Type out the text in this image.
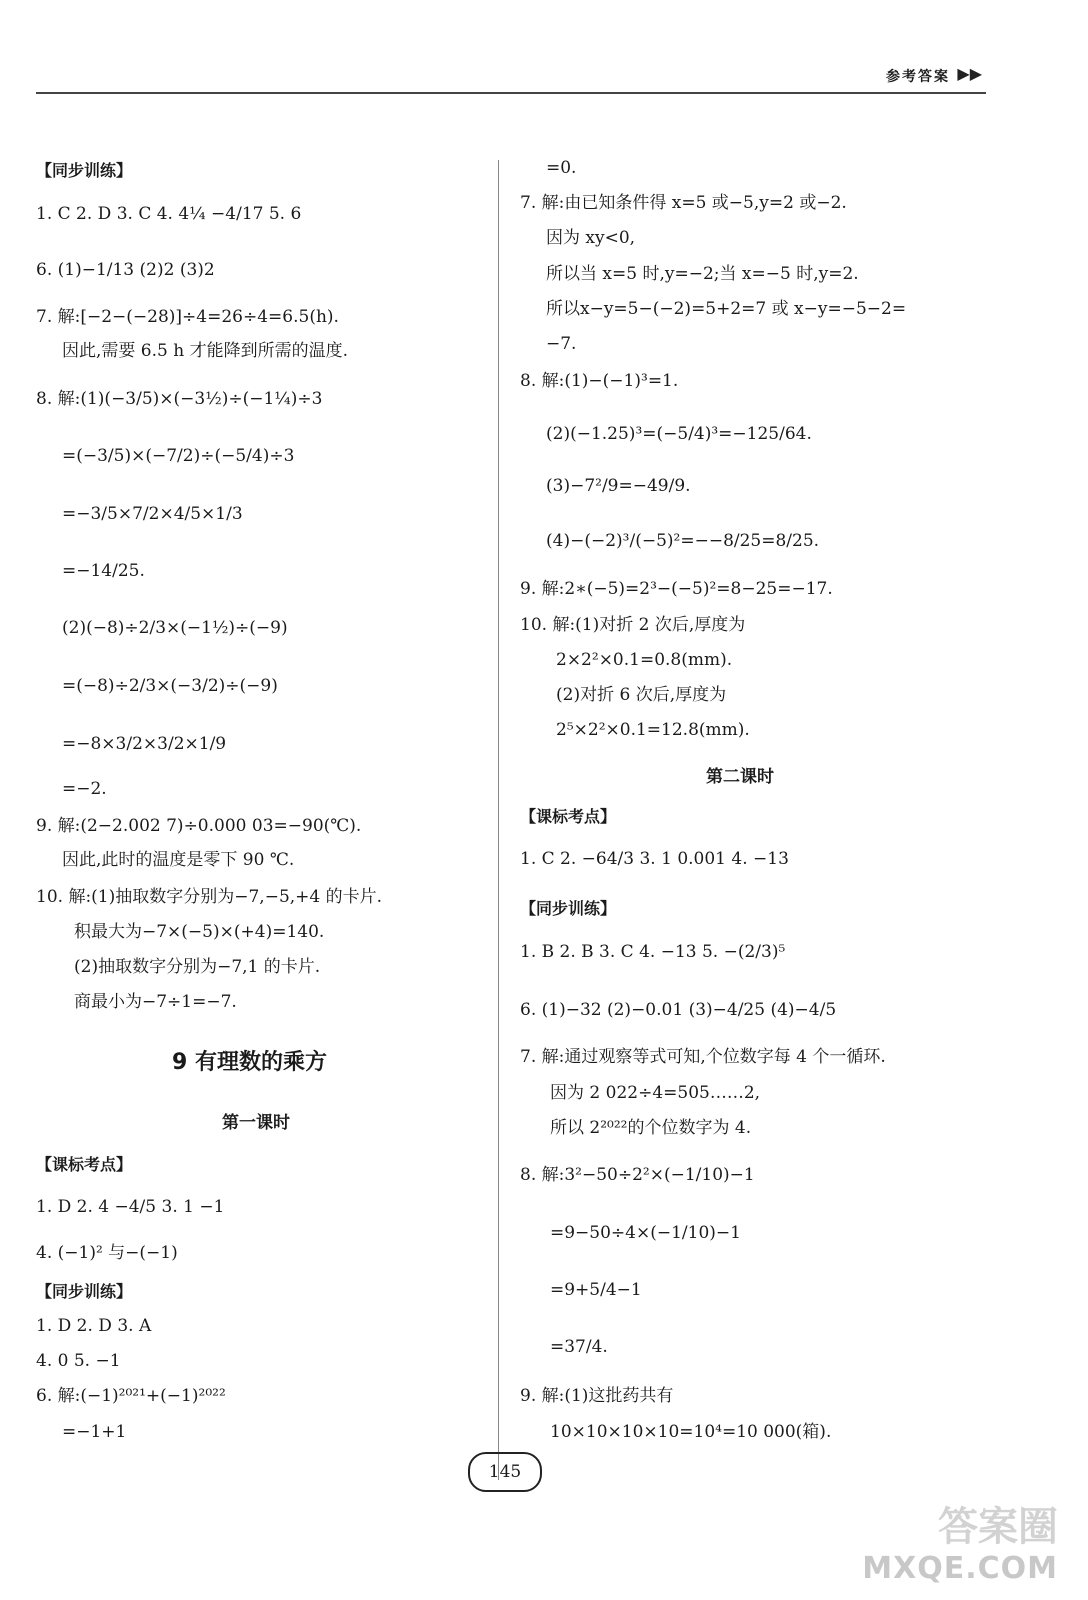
参考答案 ▶▶
【同步训练】
1. C 2. D 3. C 4. 4¼ −4/17 5. 6
6. (1)−1/13 (2)2 (3)2
7. 解:[−2−(−28)]÷4=26÷4=6.5(h).
因此,需要 6.5 h 才能降到所需的温度.
8. 解:(1)(−3/5)×(−3½)÷(−1¼)÷3
=(−3/5)×(−7/2)÷(−5/4)÷3
=−3/5×7/2×4/5×1/3
=−14/25.
(2)(−8)÷2/3×(−1½)÷(−9)
=(−8)÷2/3×(−3/2)÷(−9)
=−8×3/2×3/2×1/9
=−2.
9. 解:(2−2.002 7)÷0.000 03=−90(℃).
因此,此时的温度是零下 90 ℃.
10. 解:(1)抽取数字分别为−7,−5,+4 的卡片.
积最大为−7×(−5)×(+4)=140.
(2)抽取数字分别为−7,1 的卡片.
商最小为−7÷1=−7.
9 有理数的乘方
第一课时
【课标考点】
1. D 2. 4 −4/5 3. 1 −1
4. (−1)² 与−(−1)
【同步训练】
1. D 2. D 3. A
4. 0 5. −1
6. 解:(−1)²⁰²¹+(−1)²⁰²²
=−1+1
=0.
7. 解:由已知条件得 x=5 或−5,y=2 或−2.
因为 xy<0,
所以当 x=5 时,y=−2;当 x=−5 时,y=2.
所以x−y=5−(−2)=5+2=7 或 x−y=−5−2=
−7.
8. 解:(1)−(−1)³=1.
(2)(−1.25)³=(−5/4)³=−125/64.
(3)−7²/9=−49/9.
(4)−(−2)³/(−5)²=−−8/25=8/25.
9. 解:2∗(−5)=2³−(−5)²=8−25=−17.
10. 解:(1)对折 2 次后,厚度为
2×2²×0.1=0.8(mm).
(2)对折 6 次后,厚度为
2⁵×2²×0.1=12.8(mm).
第二课时
【课标考点】
1. C 2. −64/3 3. 1 0.001 4. −13
【同步训练】
1. B 2. B 3. C 4. −13 5. −(2/3)⁵
6. (1)−32 (2)−0.01 (3)−4/25 (4)−4/5
7. 解:通过观察等式可知,个位数字每 4 个一循环.
因为 2 022÷4=505……2,
所以 2²⁰²²的个位数字为 4.
8. 解:3²−50÷2²×(−1/10)−1
=9−50÷4×(−1/10)−1
=9+5/4−1
=37/4.
9. 解:(1)这批药共有
10×10×10×10=10⁴=10 000(箱).
145
答案圈
MXQE.COM
